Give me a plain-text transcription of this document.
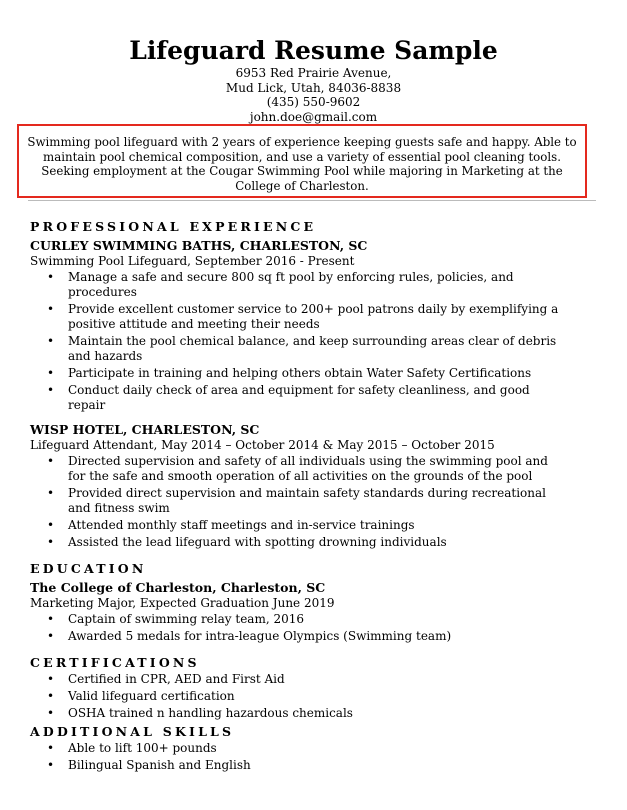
Lifeguard Resume Sample
6953 Red Prairie Avenue,
Mud Lick, Utah, 84036-8838
(435) 550-9602
john.doe@gmail.com
Swimming pool lifeguard with 2 years of experience keeping guests safe and happy. Able to maintain pool chemical composition, and use a variety of essential pool cleaning tools. Seeking employment at the Cougar Swimming Pool while majoring in Marketing at the College of Charleston.
PROFESSIONAL EXPERIENCE
CURLEY SWIMMING BATHS, CHARLESTON, SC
Swimming Pool Lifeguard, September 2016 - Present
• Manage a safe and secure 800 sq ft pool by enforcing rules, policies, and procedures
• Provide excellent customer service to 200+ pool patrons daily by exemplifying a positive attitude and meeting their needs
• Maintain the pool chemical balance, and keep surrounding areas clear of debris and hazards
• Participate in training and helping others obtain Water Safety Certifications
• Conduct daily check of area and equipment for safety cleanliness, and good repair
WISP HOTEL, CHARLESTON, SC
Lifeguard Attendant, May 2014 – October 2014 & May 2015 – October 2015
• Directed supervision and safety of all individuals using the swimming pool and for the safe and smooth operation of all activities on the grounds of the pool
• Provided direct supervision and maintain safety standards during recreational and fitness swim
• Attended monthly staff meetings and in-service trainings
• Assisted the lead lifeguard with spotting drowning individuals
EDUCATION
The College of Charleston, Charleston, SC
Marketing Major, Expected Graduation June 2019
• Captain of swimming relay team, 2016
• Awarded 5 medals for intra-league Olympics (Swimming team)
CERTIFICATIONS
• Certified in CPR, AED and First Aid
• Valid lifeguard certification
• OSHA trained n handling hazardous chemicals
ADDITIONAL SKILLS
• Able to lift 100+ pounds
• Bilingual Spanish and English
